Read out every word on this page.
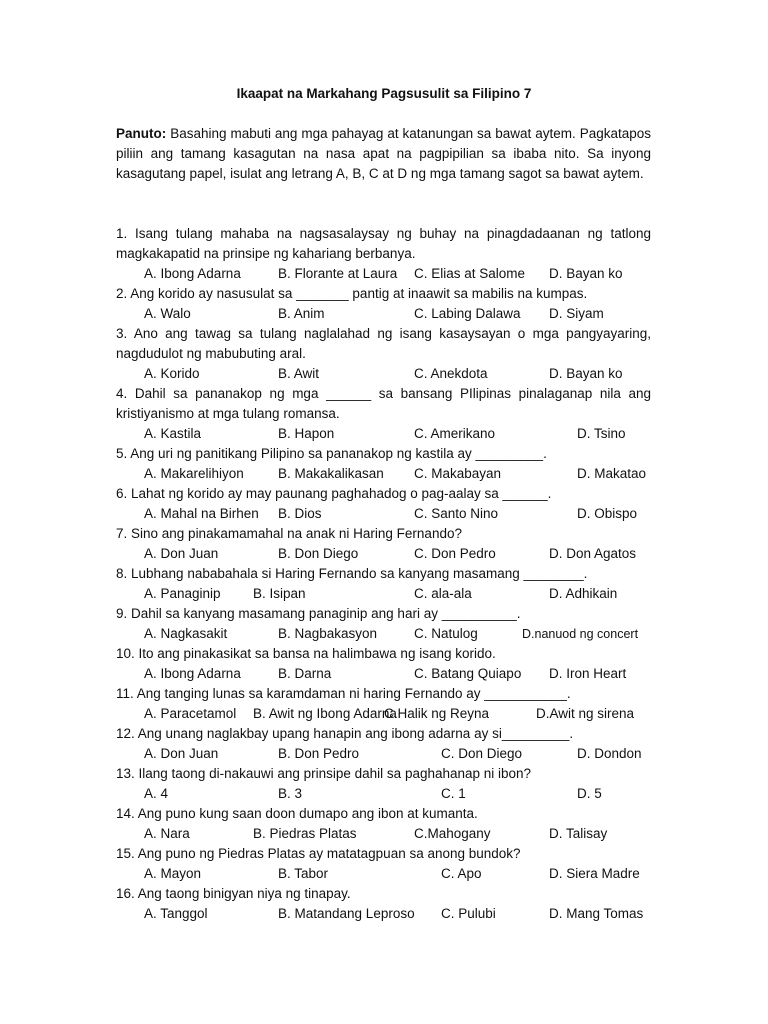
Ikaapat na Markahang Pagsusulit sa Filipino 7
Panuto: Basahing mabuti ang mga pahayag at katanungan sa bawat aytem. Pagkatapos piliin ang tamang kasagutan na nasa apat na pagpipilian sa ibaba nito. Sa inyong kasagutang papel, isulat ang letrang A, B, C at D ng mga tamang sagot sa bawat aytem.
1. Isang tulang mahaba na nagsasalaysay ng buhay na pinagdadaanan ng tatlong magkakapatid na prinsipe ng kahariang berbanya.
A. Ibong Adarna	B. Florante at Laura C. Elias at Salome D. Bayan ko
2. Ang korido ay nasusulat sa _______ pantig at inaawit sa mabilis na kumpas.
A. Walo	B. Anim	C. Labing Dalawa D. Siyam
3. Ano ang tawag sa tulang naglalahad ng isang kasaysayan o mga pangyayaring, nagdudulot ng mabubuting aral.
A. Korido	B. Awit	C. Anekdota	D. Bayan ko
4. Dahil sa pananakop ng mga ______ sa bansang PIlipinas pinalaganap nila ang kristiyanismo at mga tulang romansa.
A. Kastila	B. Hapon	C. Amerikano	D. Tsino
5. Ang uri ng panitikang Pilipino sa pananakop ng kastila ay _________.
A. Makarelihiyon	B. Makakalikasan C. Makabayan	D. Makatao
6. Lahat ng korido ay may paunang paghahadog o pag-aalay sa ______.
A. Mahal na Birhen B. Dios	C. Santo Nino	D. Obispo
7. Sino ang pinakamamahal na anak ni Haring Fernando?
A. Don Juan	B. Don Diego	C. Don Pedro	D. Don Agatos
8. Lubhang nababahala si Haring Fernando sa kanyang masamang ________.
A. Panaginip B. Isipan	C. ala-ala	D. Adhikain
9. Dahil sa kanyang masamang panaginip ang hari ay __________.
A. Nagkasakit	B. Nagbakasyon	C. Natulog	D.nanuod ng concert
10. Ito ang pinakasikat sa bansa na halimbawa ng isang korido.
A. Ibong Adarna	B. Darna	C. Batang Quiapo D. Iron Heart
11. Ang tanging lunas sa karamdaman ni haring Fernando ay ___________.
A. Paracetamol B. Awit ng Ibong Adarna
C.Halik ng Reyna	D.Awit ng sirena
12. Ang unang naglakbay upang hanapin ang ibong adarna ay si_________.
A. Don Juan	B. Don Pedro	C. Don Diego	D. Dondon
13. Ilang taong di-nakauwi ang prinsipe dahil sa paghahanap ni ibon?
A. 4	B. 3	C. 1	D. 5
14. Ang puno kung saan doon dumapo ang ibon at kumanta.
A. Nara	B. Piedras Platas	C.Mahogany	D. Talisay
15. Ang puno ng Piedras Platas ay matatagpuan sa anong bundok?
A. Mayon	B. Tabor	C. Apo	D. Siera Madre
16. Ang taong binigyan niya ng tinapay.
A. Tanggol	B. Matandang Leproso C. Pulubi	D. Mang Tomas
